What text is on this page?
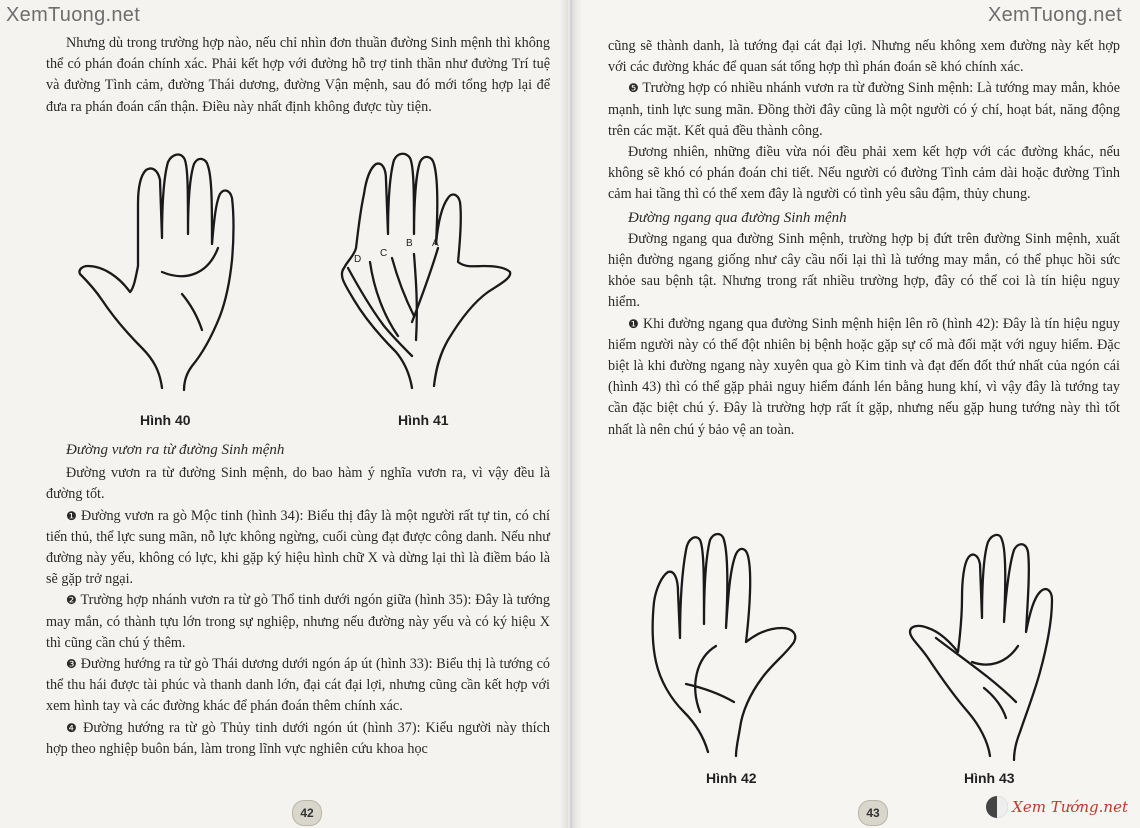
XemTuong.net

Nhưng dù trong trường hợp nào, nếu chỉ nhìn đơn thuần đường Sinh mệnh thì không thể có phán đoán chính xác. Phải kết hợp với đường hỗ trợ tinh thần như đường Trí tuệ và đường Tình cảm, đường Thái dương, đường Vận mệnh, sau đó mới tổng hợp lại để đưa ra phán đoán cẩn thận. Điều này nhất định không được tùy tiện.

Hình 40
D
C
B A
Hình 41

Đường vươn ra từ đường Sinh mệnh

Đường vươn ra từ đường Sinh mệnh, do bao hàm ý nghĩa vươn ra, vì vậy đều là đường tốt.

❶ Đường vươn ra gò Mộc tinh (hình 34): Biểu thị đây là một người rất tự tin, có chí tiến thủ, thể lực sung mãn, nỗ lực không ngừng, cuối cùng đạt được công danh. Nếu như đường này yếu, không có lực, khi gặp ký hiệu hình chữ X và dừng lại thì là điềm báo là sẽ gặp trở ngại.

❷ Trường hợp nhánh vươn ra từ gò Thổ tinh dưới ngón giữa (hình 35): Đây là tướng may mắn, có thành tựu lớn trong sự nghiệp, nhưng nếu đường này yếu và có ký hiệu X thì cũng cần chú ý thêm.

❸ Đường hướng ra từ gò Thái dương dưới ngón áp út (hình 33): Biểu thị là tướng có thể thu hái được tài phúc và thanh danh lớn, đại cát đại lợi, nhưng cũng cần kết hợp với xem hình tay và các đường khác để phán đoán thêm chính xác.

❹ Đường hướng ra từ gò Thủy tinh dưới ngón út (hình 37): Kiểu người này thích hợp theo nghiệp buôn bán, làm trong lĩnh vực nghiên cứu khoa học

42
XemTuong.net

cũng sẽ thành danh, là tướng đại cát đại lợi. Nhưng nếu không xem đường này kết hợp với các đường khác để quan sát tổng hợp thì phán đoán sẽ khó chính xác.

❺ Trường hợp có nhiều nhánh vươn ra từ đường Sinh mệnh: Là tướng may mắn, khỏe mạnh, tinh lực sung mãn. Đồng thời đây cũng là một người có ý chí, hoạt bát, năng động trên các mặt. Kết quả đều thành công.

Đương nhiên, những điều vừa nói đều phải xem kết hợp với các đường khác, nếu không sẽ khó có phán đoán chi tiết. Nếu người có đường Tình cảm dài hoặc đường Tình cảm hai tầng thì có thể xem đây là người có tình yêu sâu đậm, thủy chung.

Đường ngang qua đường Sinh mệnh

Đường ngang qua đường Sinh mệnh, trường hợp bị đứt trên đường Sinh mệnh, xuất hiện đường ngang giống như cây cầu nối lại thì là tướng may mắn, có thể phục hồi sức khỏe sau bệnh tật. Nhưng trong rất nhiều trường hợp, đây có thể coi là tín hiệu nguy hiểm.

❶ Khi đường ngang qua đường Sinh mệnh hiện lên rõ (hình 42): Đây là tín hiệu nguy hiểm người này có thể đột nhiên bị bệnh hoặc gặp sự cố mà đối mặt với nguy hiểm. Đặc biệt là khi đường ngang này xuyên qua gò Kim tinh và đạt đến đốt thứ nhất của ngón cái (hình 43) thì có thể gặp phải nguy hiểm đánh lén bằng hung khí, vì vậy đây là tướng tay cần đặc biệt chú ý. Đây là trường hợp rất ít gặp, nhưng nếu gặp hung tướng này thì tốt nhất là nên chú ý bảo vệ an toàn.

Hình 42	Hình 43
43	Xem Tướng.net
